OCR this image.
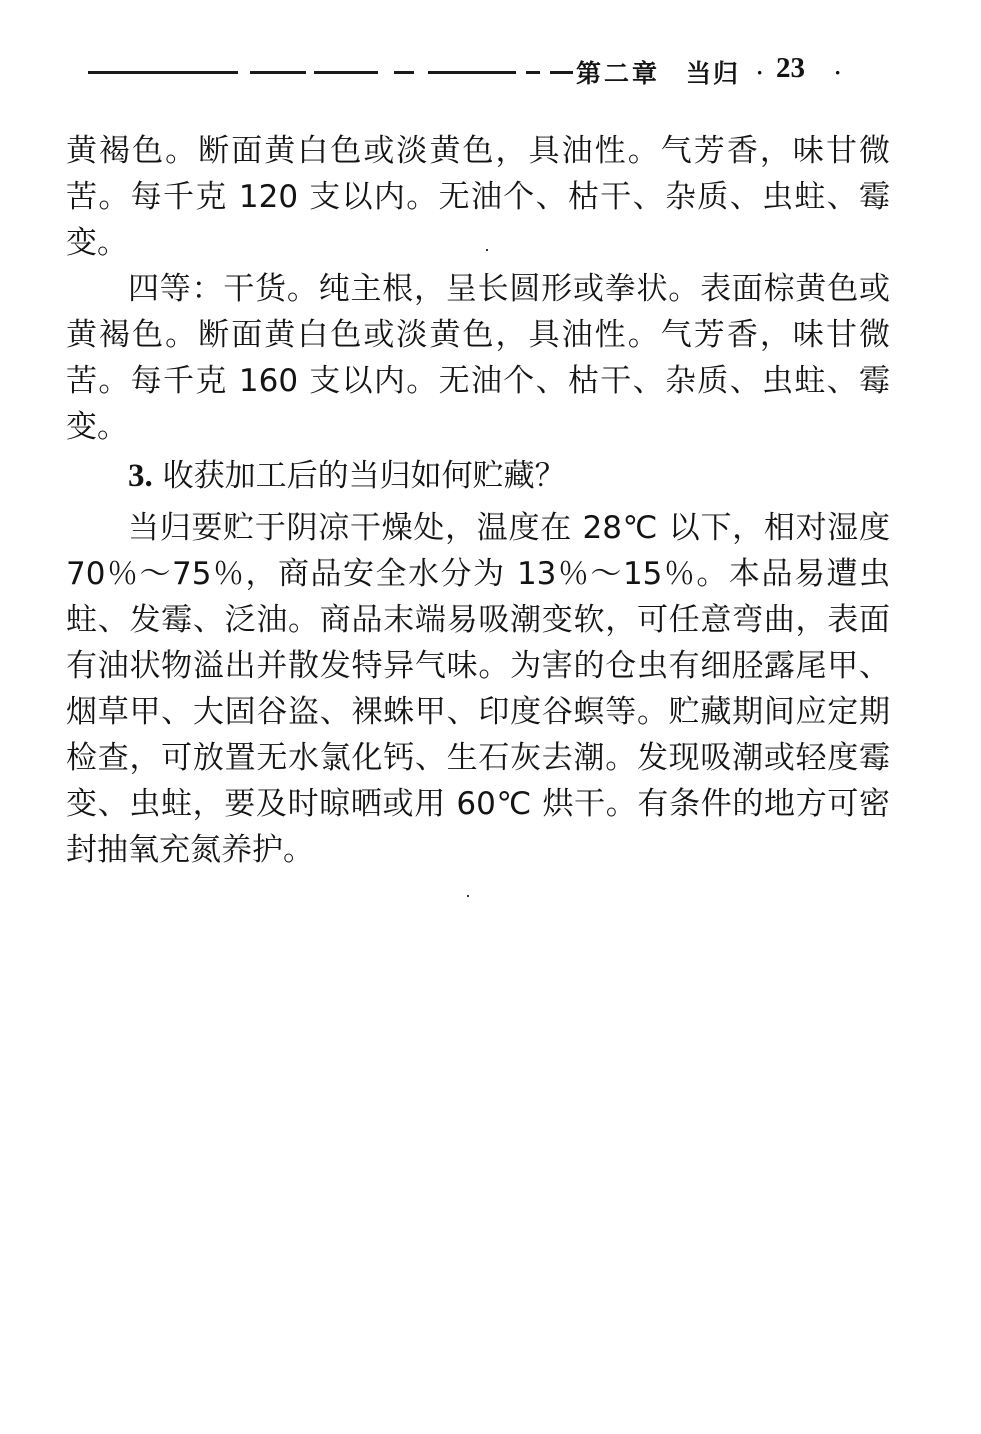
第二章 当归 · 23 ·

黄褐色。断面黄白色或淡黄色，具油性。气芳香，味甘微苦。每千克 120 支以内。无油个、枯干、杂质、虫蛀、霉变。

四等：干货。纯主根，呈长圆形或拳状。表面棕黄色或黄褐色。断面黄白色或淡黄色，具油性。气芳香，味甘微苦。每千克 160 支以内。无油个、枯干、杂质、虫蛀、霉变。

3. 收获加工后的当归如何贮藏？

当归要贮于阴凉干燥处，温度在 28℃ 以下，相对湿度 70％～75％，商品安全水分为 13％～15％。本品易遭虫蛀、发霉、泛油。商品末端易吸潮变软，可任意弯曲，表面有油状物溢出并散发特异气味。为害的仓虫有细胫露尾甲、烟草甲、大固谷盗、裸蛛甲、印度谷螟等。贮藏期间应定期检查，可放置无水氯化钙、生石灰去潮。发现吸潮或轻度霉变、虫蛀，要及时晾晒或用 60℃ 烘干。有条件的地方可密封抽氧充氮养护。
